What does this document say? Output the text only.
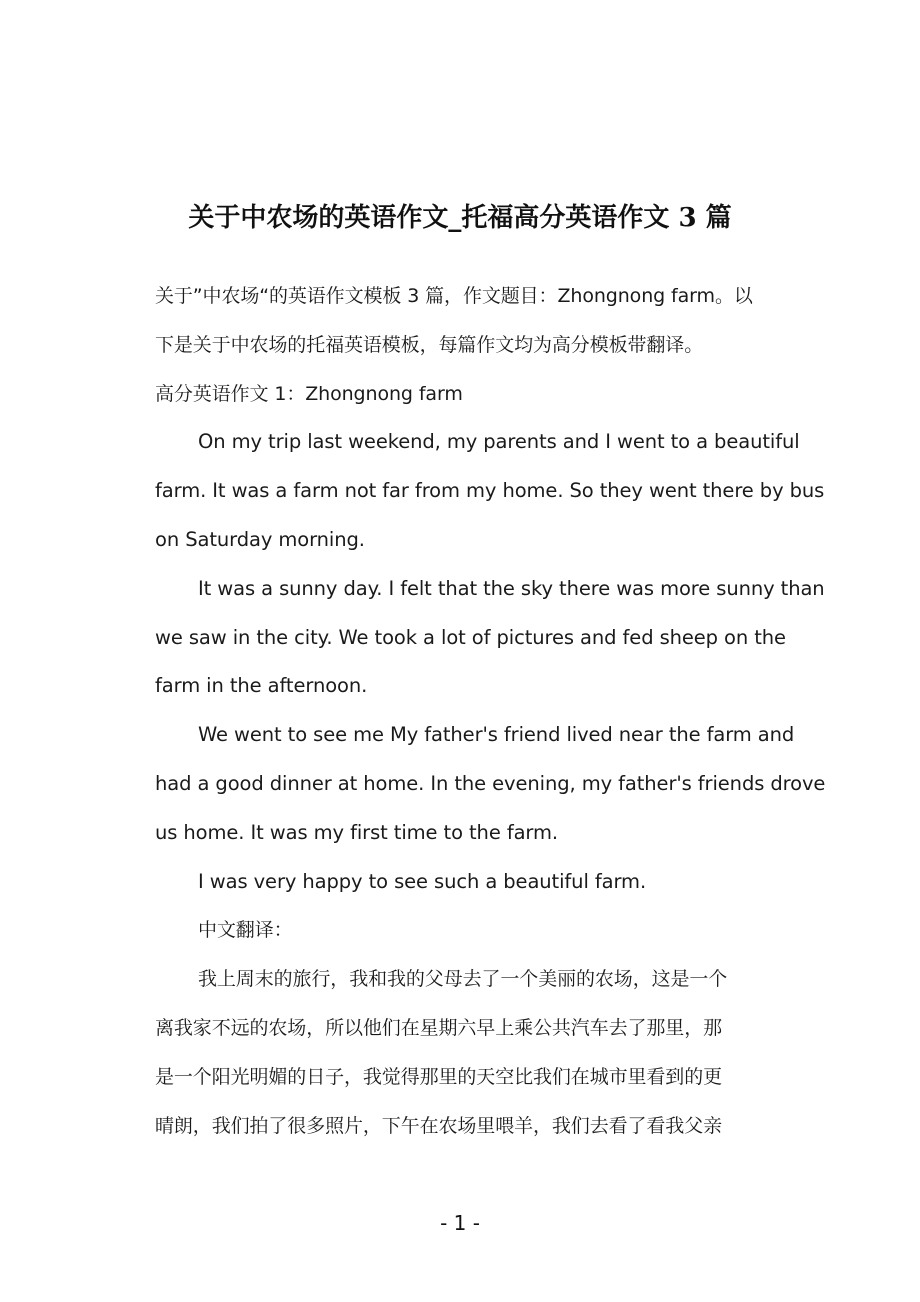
关于中农场的英语作文_托福高分英语作文 3 篇

关于”中农场“的英语作文模板 3 篇，作文题目：Zhongnong farm。以

下是关于中农场的托福英语模板，每篇作文均为高分模板带翻译。

高分英语作文 1：Zhongnong farm

On my trip last weekend, my parents and I went to a beautiful

farm. It was a farm not far from my home. So they went there by bus

on Saturday morning.

It was a sunny day. I felt that the sky there was more sunny than

we saw in the city. We took a lot of pictures and fed sheep on the

farm in the afternoon.

We went to see me My father's friend lived near the farm and

had a good dinner at home. In the evening, my father's friends drove

us home. It was my first time to the farm.

I was very happy to see such a beautiful farm.

中文翻译：

我上周末的旅行，我和我的父母去了一个美丽的农场，这是一个

离我家不远的农场，所以他们在星期六早上乘公共汽车去了那里，那

是一个阳光明媚的日子，我觉得那里的天空比我们在城市里看到的更

晴朗，我们拍了很多照片，下午在农场里喂羊，我们去看了看我父亲

- 1 -
